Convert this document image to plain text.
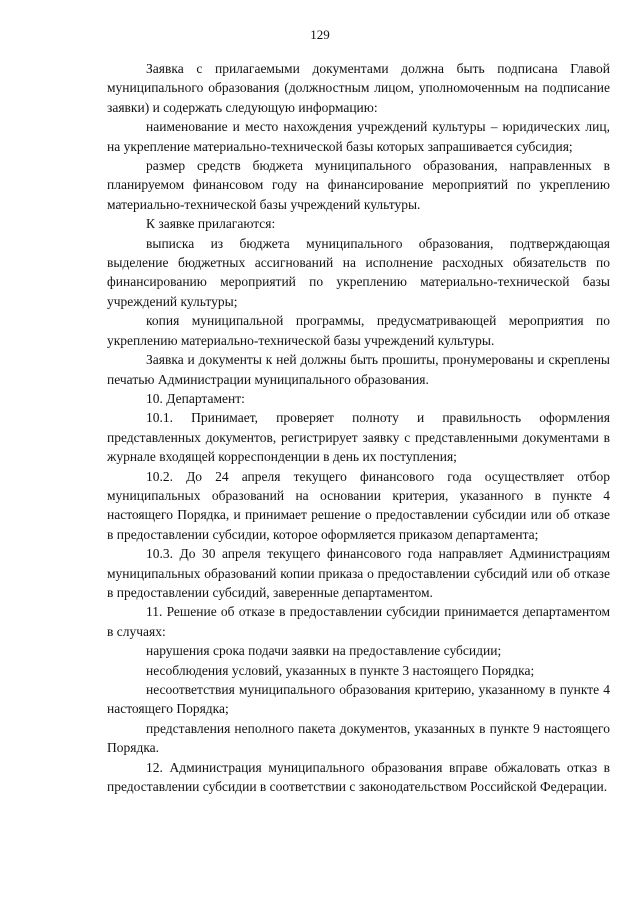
129

Заявка с прилагаемыми документами должна быть подписана Главой муниципального образования (должностным лицом, уполномоченным на подписание заявки) и содержать следующую информацию:

наименование и место нахождения учреждений культуры – юридических лиц, на укрепление материально-технической базы которых запрашивается субсидия;

размер средств бюджета муниципального образования, направленных в планируемом финансовом году на финансирование мероприятий по укреплению материально-технической базы учреждений культуры.

К заявке прилагаются:

выписка из бюджета муниципального образования, подтверждающая выделение бюджетных ассигнований на исполнение расходных обязательств по финансированию мероприятий по укреплению материально-технической базы учреждений культуры;

копия муниципальной программы, предусматривающей мероприятия по укреплению материально-технической базы учреждений культуры.

Заявка и документы к ней должны быть прошиты, пронумерованы и скреплены печатью Администрации муниципального образования.

10. Департамент:

10.1. Принимает, проверяет полноту и правильность оформления представленных документов, регистрирует заявку с представленными документами в журнале входящей корреспонденции в день их поступления;

10.2. До 24 апреля текущего финансового года осуществляет отбор муниципальных образований на основании критерия, указанного в пункте 4 настоящего Порядка, и принимает решение о предоставлении субсидии или об отказе в предоставлении субсидии, которое оформляется приказом департамента;

10.3. До 30 апреля текущего финансового года направляет Администрациям муниципальных образований копии приказа о предоставлении субсидий или об отказе в предоставлении субсидий, заверенные департаментом.

11. Решение об отказе в предоставлении субсидии принимается департаментом в случаях:

нарушения срока подачи заявки на предоставление субсидии;

несоблюдения условий, указанных в пункте 3 настоящего Порядка;

несоответствия муниципального образования критерию, указанному в пункте 4 настоящего Порядка;

представления неполного пакета документов, указанных в пункте 9 настоящего Порядка.

12. Администрация муниципального образования вправе обжаловать отказ в предоставлении субсидии в соответствии с законодательством Российской Федерации.
